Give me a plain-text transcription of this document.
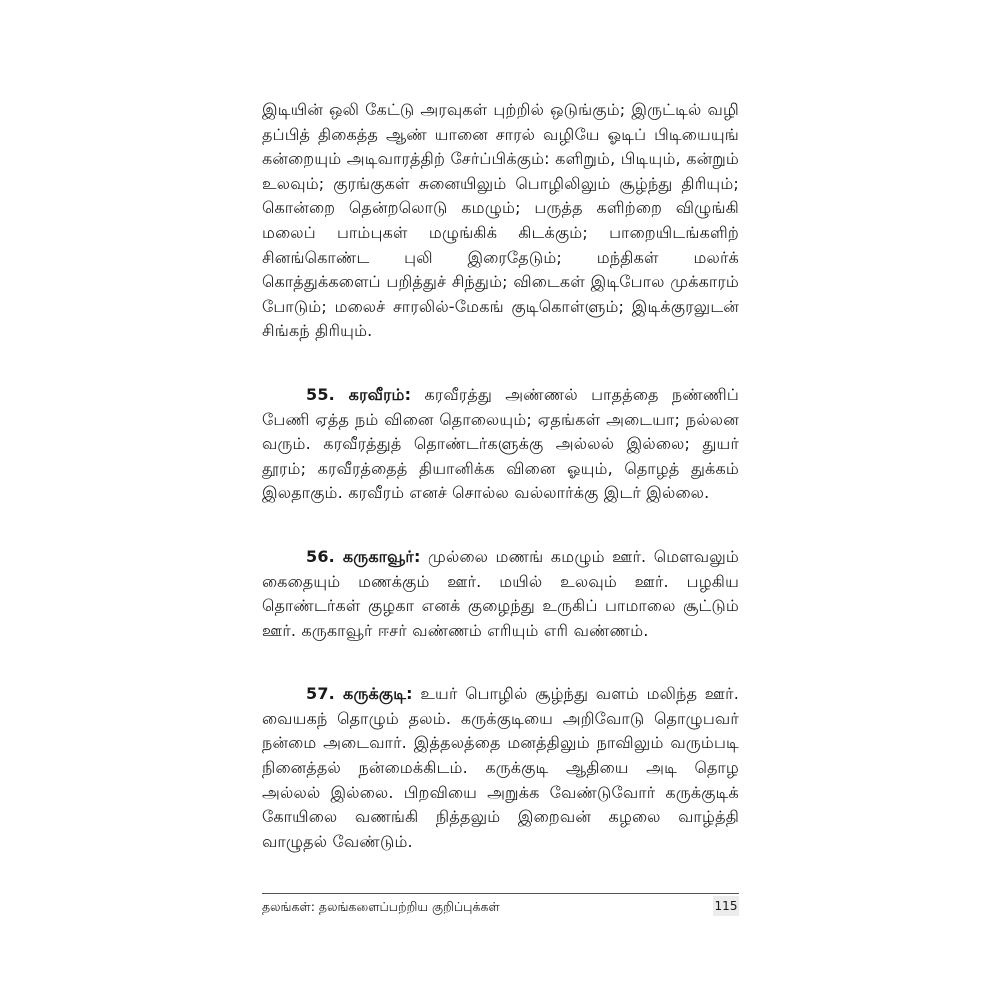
இடியின் ஒலி கேட்டு அரவுகள் புற்றில் ஒடுங்கும்; இருட்டில் வழி தப்பித் திகைத்த ஆண் யானை சாரல் வழியே ஓடிப் பிடியையுங் கன்றையும் அடிவாரத்திற் சேர்ப்பிக்கும்: களிறும், பிடியும், கன்றும் உலவும்; குரங்குகள் சுனையிலும் பொழிலிலும் சூழ்ந்து திரியும்; கொன்றை தென்றலொடு கமழும்; பருத்த களிற்றை விழுங்கி மலைப் பாம்புகள் மழுங்கிக் கிடக்கும்; பாறையிடங்களிற் சினங்கொண்ட புலி இரைதேடும்; மந்திகள் மலர்க் கொத்துக்களைப் பறித்துச் சிந்தும்; விடைகள் இடிபோல முக்காரம் போடும்; மலைச் சாரலில்-மேகங் குடிகொள்ளும்; இடிக்குரலுடன் சிங்கந் திரியும்.

55. கரவீரம்: கரவீரத்து அண்ணல் பாதத்தை நண்ணிப் பேணி ஏத்த நம் வினை தொலையும்; ஏதங்கள் அடையா; நல்லன வரும். கரவீரத்துத் தொண்டர்களுக்கு அல்லல் இல்லை; துயர் தூரம்; கரவீரத்தைத் தியானிக்க வினை ஓயும், தொழத் துக்கம் இலதாகும். கரவீரம் எனச் சொல்ல வல்லார்க்கு இடர் இல்லை.

56. கருகாவூர்: முல்லை மணங் கமழும் ஊர். மௌவலும் கைதையும் மணக்கும் ஊர். மயில் உலவும் ஊர். பழகிய தொண்டர்கள் குழகா எனக் குழைந்து உருகிப் பாமாலை சூட்டும் ஊர். கருகாவூர் ஈசர் வண்ணம் எரியும் எரி வண்ணம்.

57. கருக்குடி: உயர் பொழில் சூழ்ந்து வளம் மலிந்த ஊர். வையகந் தொழும் தலம். கருக்குடியை அறிவோடு தொழுபவர் நன்மை அடைவார். இத்தலத்தை மனத்திலும் நாவிலும் வரும்படி நினைத்தல் நன்மைக்கிடம். கருக்குடி ஆதியை அடி தொழ அல்லல் இல்லை. பிறவியை அறுக்க வேண்டுவோர் கருக்குடிக் கோயிலை வணங்கி நித்தலும் இறைவன் கழலை வாழ்த்தி வாழுதல் வேண்டும்.

தலங்கள்: தலங்களைப்பற்றிய குறிப்புக்கள்	115
